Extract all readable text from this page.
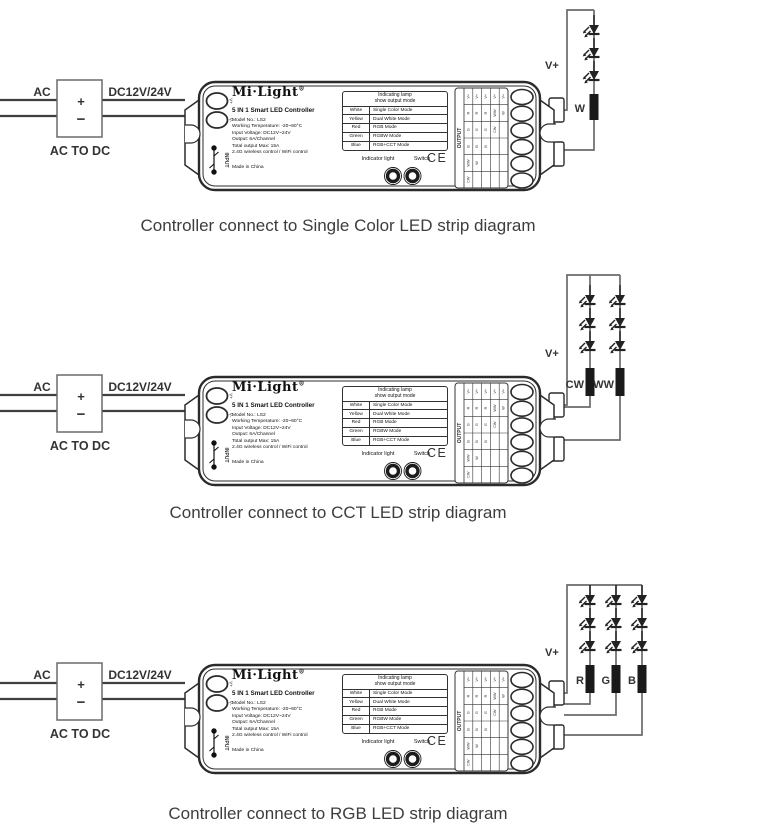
+
−
AC	DC12V/24V
AC TO DC
V+
W
V+
V-
INPUT	CE
OUTPUT
V+ V+ V+ V+ V+
R R R WW W
G G G CW
B B B
WW W
CW
Mi·Light®
5 IN 1 Smart LED Controller
Model No.: LS2
Working Temperature: -20~60°C
Input Voltage: DC12V~24V
Output: 6A/Channel
Total output Max: 15A
2.4G wireless control / WiFi control
Made in China
Indicating lamp
show output mode
White	Single Color Mode
Yellow	Dual White Mode
Red	RGB Mode
Green	RGBW Mode
Blue	RGB+CCT Mode
Indicator light	Switch
Controller connect to Single Color LED strip diagram
+
−
AC	DC12V/24V
AC TO DC
V+
CW WW
V+
V-
INPUT	CE
OUTPUT
V+ V+ V+ V+ V+
R R R WW W
G G G CW
B B B
WW W
CW
Mi·Light®
5 IN 1 Smart LED Controller
Model No.: LS2
Working Temperature: -20~60°C
Input Voltage: DC12V~24V
Output: 6A/Channel
Total output Max: 15A
2.4G wireless control / WiFi control
Made in China
Indicating lamp
show output mode
White	Single Color Mode
Yellow	Dual White Mode
Red	RGB Mode
Green	RGBW Mode
Blue	RGB+CCT Mode
Indicator light	Switch
Controller connect to CCT LED strip diagram
+
−
AC	DC12V/24V
AC TO DC
V+
R G B
V+
V-
INPUT	CE
OUTPUT
V+ V+ V+ V+ V+
R R R WW W
G G G CW
B B B
WW W
CW
Mi·Light®
5 IN 1 Smart LED Controller
Model No.: LS2
Working Temperature: -20~60°C
Input Voltage: DC12V~24V
Output: 6A/Channel
Total output Max: 15A
2.4G wireless control / WiFi control
Made in China
Indicating lamp
show output mode
White	Single Color Mode
Yellow	Dual White Mode
Red	RGB Mode
Green	RGBW Mode
Blue	RGB+CCT Mode
Indicator light	Switch
Controller connect to RGB LED strip diagram
